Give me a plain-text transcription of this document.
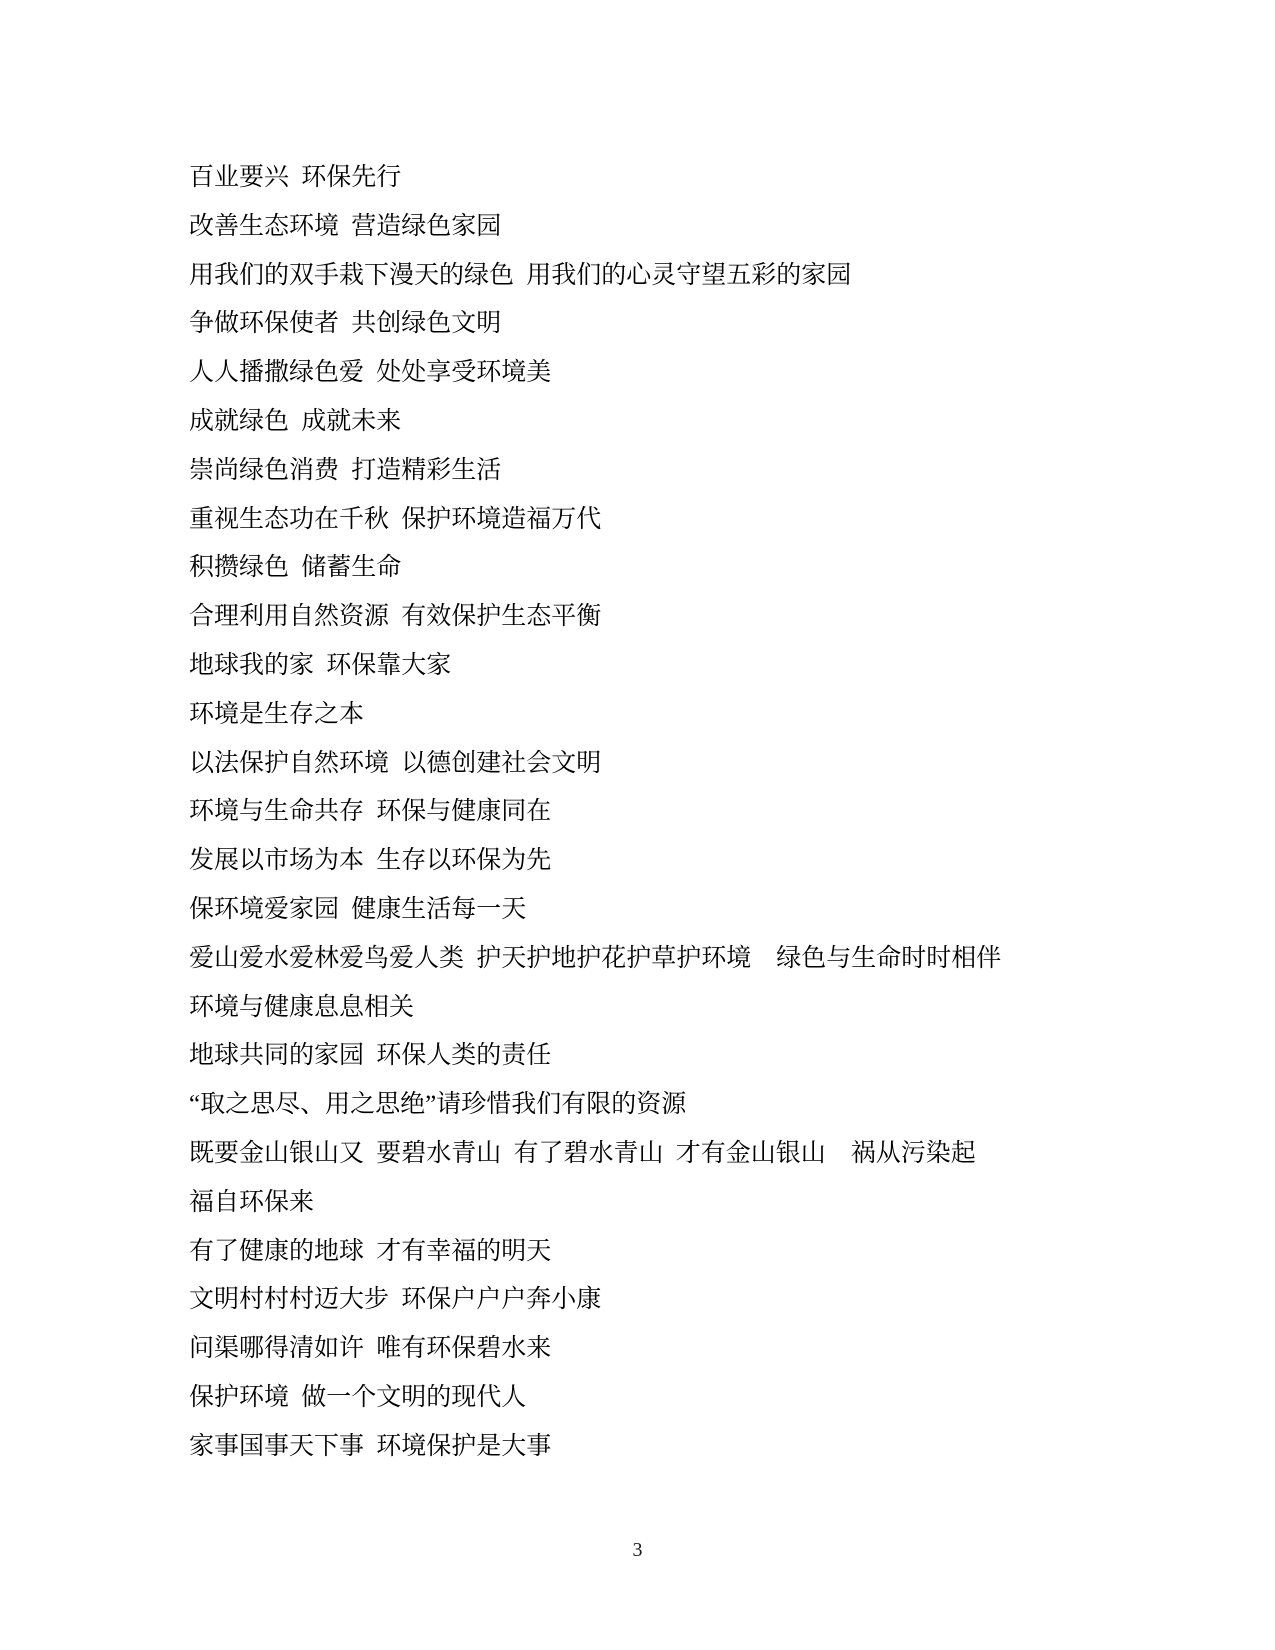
百业要兴 环保先行

改善生态环境 营造绿色家园

用我们的双手栽下漫天的绿色 用我们的心灵守望五彩的家园

争做环保使者 共创绿色文明

人人播撒绿色爱 处处享受环境美

成就绿色 成就未来

崇尚绿色消费 打造精彩生活

重视生态功在千秋 保护环境造福万代

积攒绿色 储蓄生命

合理利用自然资源 有效保护生态平衡

地球我的家 环保靠大家

环境是生存之本

以法保护自然环境 以德创建社会文明

环境与生命共存 环保与健康同在

发展以市场为本 生存以环保为先

保环境爱家园 健康生活每一天

爱山爱水爱林爱鸟爱人类 护天护地护花护草护环境　绿色与生命时时相伴

环境与健康息息相关

地球共同的家园 环保人类的责任

“取之思尽、用之思绝”请珍惜我们有限的资源

既要金山银山又 要碧水青山 有了碧水青山 才有金山银山　祸从污染起

福自环保来

有了健康的地球 才有幸福的明天

文明村村村迈大步 环保户户户奔小康

问渠哪得清如许 唯有环保碧水来

保护环境 做一个文明的现代人

家事国事天下事 环境保护是大事

3
